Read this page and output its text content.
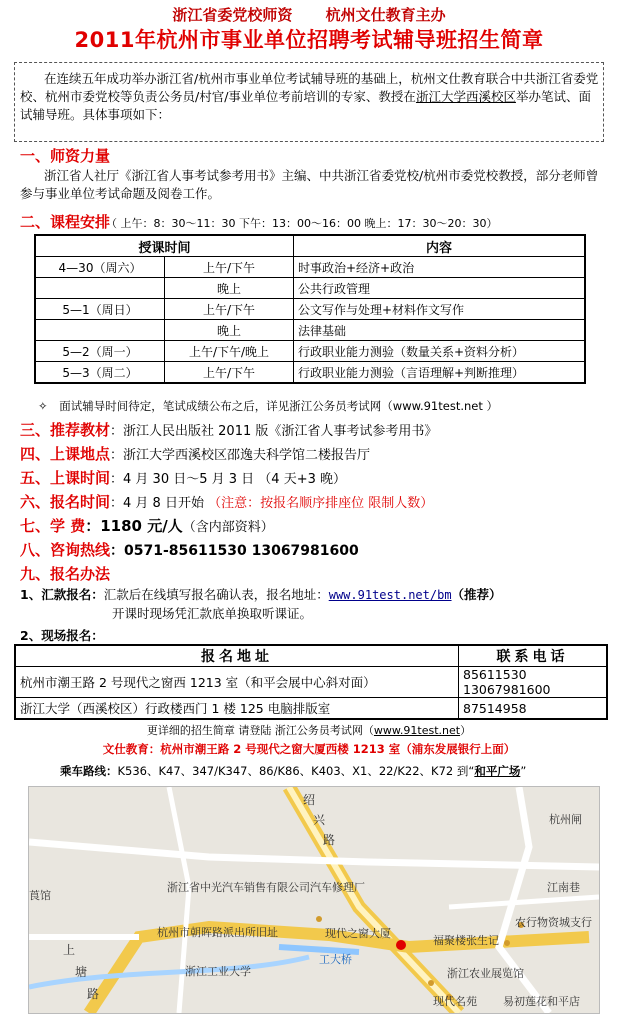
浙江省委党校师资 杭州文仕教育主办
2011年杭州市事业单位招聘考试辅导班招生简章
在连续五年成功举办浙江省/杭州市事业单位考试辅导班的基础上，杭州文仕教育联合中共浙江省委党校、杭州市委党校等负责公务员/村官/事业单位考前培训的专家、教授在浙江大学西溪校区举办笔试、面试辅导班。具体事项如下：
一、师资力量
浙江省人社厅《浙江省人事考试参考用书》主编、中共浙江省委党校/杭州市委党校教授，部分老师曾参与事业单位考试命题及阅卷工作。
二、课程安排
（ 上午：8：30～11：30 下午：13：00～16：00 晚上：17：30～20：30）
授课时间		内容
4—30（周六）	上午/下午	时事政治+经济+政治
	晚上	公共行政管理
5—1（周日）	上午/下午	公文写作与处理+材料作文写作
	晚上	法律基础
5—2（周一）	上午/下午/晚上	行政职业能力测验（数量关系+资料分析）
5—3（周二）	上午/下午	行政职业能力测验（言语理解+判断推理）
✧ 面试辅导时间待定，笔试成绩公布之后，详见浙江公务员考试网（www.91test.net ）
三、推荐教材：浙江人民出版社 2011 版《浙江省人事考试参考用书》
四、上课地点：浙江大学西溪校区邵逸夫科学馆二楼报告厅
五、上课时间：4 月 30 日～5 月 3 日 （4 天+3 晚）
六、报名时间：4 月 8 日开始 （注意：按报名顺序排座位 限制人数）
七、学 费：1180 元/人（含内部资料）
八、咨询热线：0571-85611530 13067981600
九、报名办法
1、汇款报名：汇款后在线填写报名确认表，报名地址：www.91test.net/bm（推荐）
开课时现场凭汇款底单换取听课证。
2、现场报名：
报名地址	联系电话
杭州市潮王路 2 号现代之窗西 1213 室（和平会展中心斜对面）	85611530 13067981600
浙江大学（西溪校区）行政楼西门 1 楼 125 电脑排版室	87514958
更详细的招生简章 请登陆 浙江公务员考试网（www.91test.net）
文仕教育：杭州市潮王路 2 号现代之窗大厦西楼 1213 室（浦东发展银行上面）
乘车路线：K536、K47、347/K347、86/K86、K403、X1、22/K22、K72 到“和平广场”
绍
兴
路
杭州闸
江南巷
浙江省中光汽车销售有限公司汽车修理厂
农行物资城支行
杭州市朝晖路派出所旧址	现代之窗大厦
福聚楼张生记
工大桥
浙江工业大学	浙江农业展览馆
现代名苑 易初莲花和平店
上
塘
路
莨馆
